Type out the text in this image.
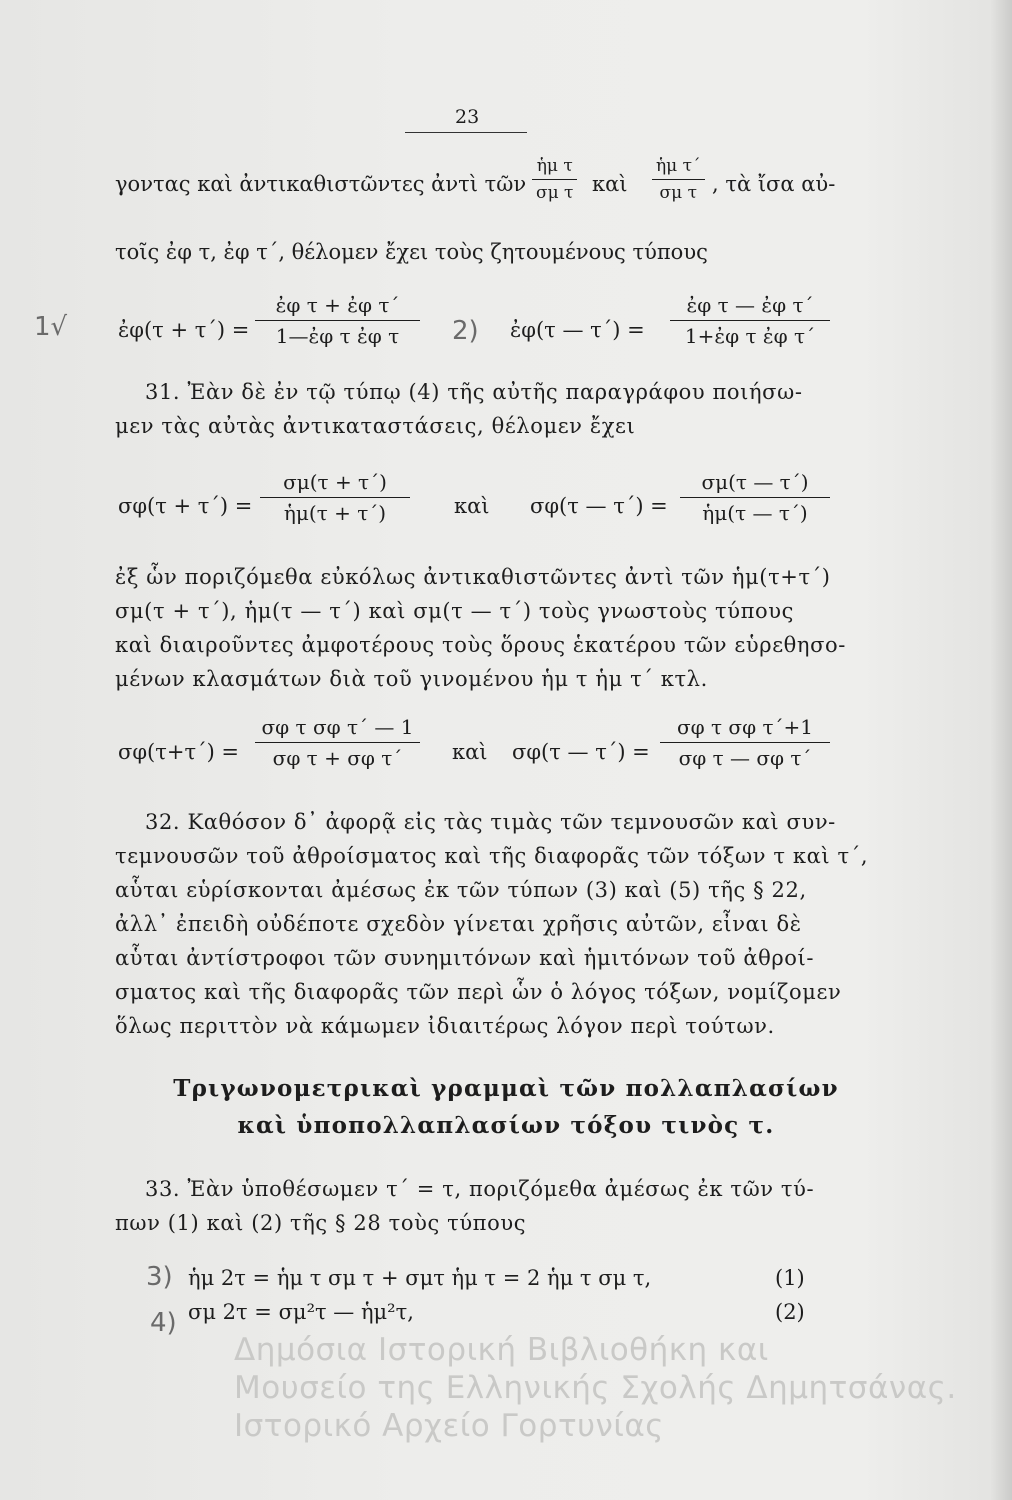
23
γοντας καὶ ἀντικαθιστῶντες ἀντὶ τῶν
ἡμ τ
σμ τ καὶ
ἡμ τ΄
σμ τ , τὰ ἴσα αὐ-
τοῖς ἐφ τ, ἐφ τ΄, θέλομεν ἔχει τοὺς ζητουμένους τύπους
1√ ἐφ(τ + τ΄) =
ἐφ τ + ἐφ τ΄
1—ἐφ τ ἐφ τ	2) ἐφ(τ — τ΄) =
ἐφ τ — ἐφ τ΄
1+ἐφ τ ἐφ τ΄
31. Ἐὰν δὲ ἐν τῷ τύπῳ (4) τῆς αὐτῆς παραγράφου ποιήσω-
μεν τὰς αὐτὰς ἀντικαταστάσεις, θέλομεν ἔχει
σφ(τ + τ΄) =
σμ(τ + τ΄)
ἡμ(τ + τ΄)	καὶ σφ(τ — τ΄) =
σμ(τ — τ΄)
ἡμ(τ — τ΄)
ἐξ ὧν ποριζόμεθα εὐκόλως ἀντικαθιστῶντες ἀντὶ τῶν ἡμ(τ+τ΄)
σμ(τ + τ΄), ἡμ(τ — τ΄) καὶ σμ(τ — τ΄) τοὺς γνωστοὺς τύπους
καὶ διαιροῦντες ἀμφοτέρους τοὺς ὅρους ἑκατέρου τῶν εὑρεθησο-
μένων κλασμάτων διὰ τοῦ γινομένου ἡμ τ ἡμ τ΄ κτλ.
σφ(τ+τ΄) =
σφ τ σφ τ΄ — 1
σφ τ + σφ τ΄	καὶ σφ(τ — τ΄) =
σφ τ σφ τ΄+1
σφ τ — σφ τ΄
32. Καθόσον δ᾽ ἀφορᾷ εἰς τὰς τιμὰς τῶν τεμνουσῶν καὶ συν-
τεμνουσῶν τοῦ ἀθροίσματος καὶ τῆς διαφορᾶς τῶν τόξων τ καὶ τ΄,
αὗται εὑρίσκονται ἀμέσως ἐκ τῶν τύπων (3) καὶ (5) τῆς § 22,
ἀλλ᾽ ἐπειδὴ οὐδέποτε σχεδὸν γίνεται χρῆσις αὐτῶν, εἶναι δὲ
αὗται ἀντίστροφοι τῶν συνημιτόνων καὶ ἡμιτόνων τοῦ ἀθροί-
σματος καὶ τῆς διαφορᾶς τῶν περὶ ὧν ὁ λόγος τόξων, νομίζομεν
ὅλως περιττὸν νὰ κάμωμεν ἰδιαιτέρως λόγον περὶ τούτων.
Τριγωνομετρικαὶ γραμμαὶ τῶν πολλαπλασίων
καὶ ὑποπολλαπλασίων τόξου τινὸς τ.
33. Ἐὰν ὑποθέσωμεν τ΄ = τ, ποριζόμεθα ἀμέσως ἐκ τῶν τύ-
πων (1) καὶ (2) τῆς § 28 τοὺς τύπους
3) ἡμ 2τ = ἡμ τ σμ τ + σμτ ἡμ τ = 2 ἡμ τ σμ τ,	(1)
4) σμ 2τ = σμ²τ — ἡμ²τ,	(2)
Δημόσια Ιστορική Βιβλιοθήκη και
Μουσείο της Ελληνικής Σχολής Δημητσάνας.
Ιστορικό Αρχείο Γορτυνίας
